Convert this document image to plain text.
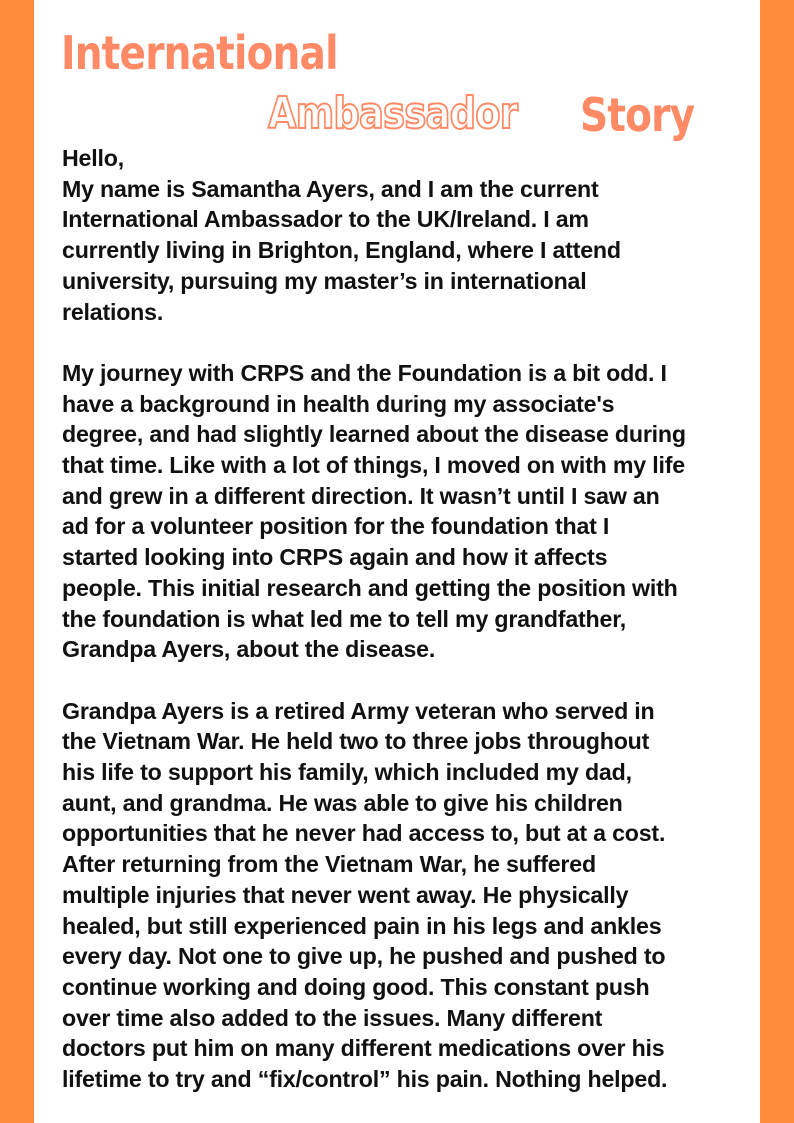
International
Ambassador	Story
Hello,
My name is Samantha Ayers, and I am the current
International Ambassador to the UK/Ireland. I am
currently living in Brighton, England, where I attend
university, pursuing my master’s in international
relations.
My journey with CRPS and the Foundation is a bit odd. I
have a background in health during my associate's
degree, and had slightly learned about the disease during
that time. Like with a lot of things, I moved on with my life
and grew in a different direction. It wasn’t until I saw an
ad for a volunteer position for the foundation that I
started looking into CRPS again and how it affects
people. This initial research and getting the position with
the foundation is what led me to tell my grandfather,
Grandpa Ayers, about the disease.
Grandpa Ayers is a retired Army veteran who served in
the Vietnam War. He held two to three jobs throughout
his life to support his family, which included my dad,
aunt, and grandma. He was able to give his children
opportunities that he never had access to, but at a cost.
After returning from the Vietnam War, he suffered
multiple injuries that never went away. He physically
healed, but still experienced pain in his legs and ankles
every day. Not one to give up, he pushed and pushed to
continue working and doing good. This constant push
over time also added to the issues. Many different
doctors put him on many different medications over his
lifetime to try and “fix/control” his pain. Nothing helped.
